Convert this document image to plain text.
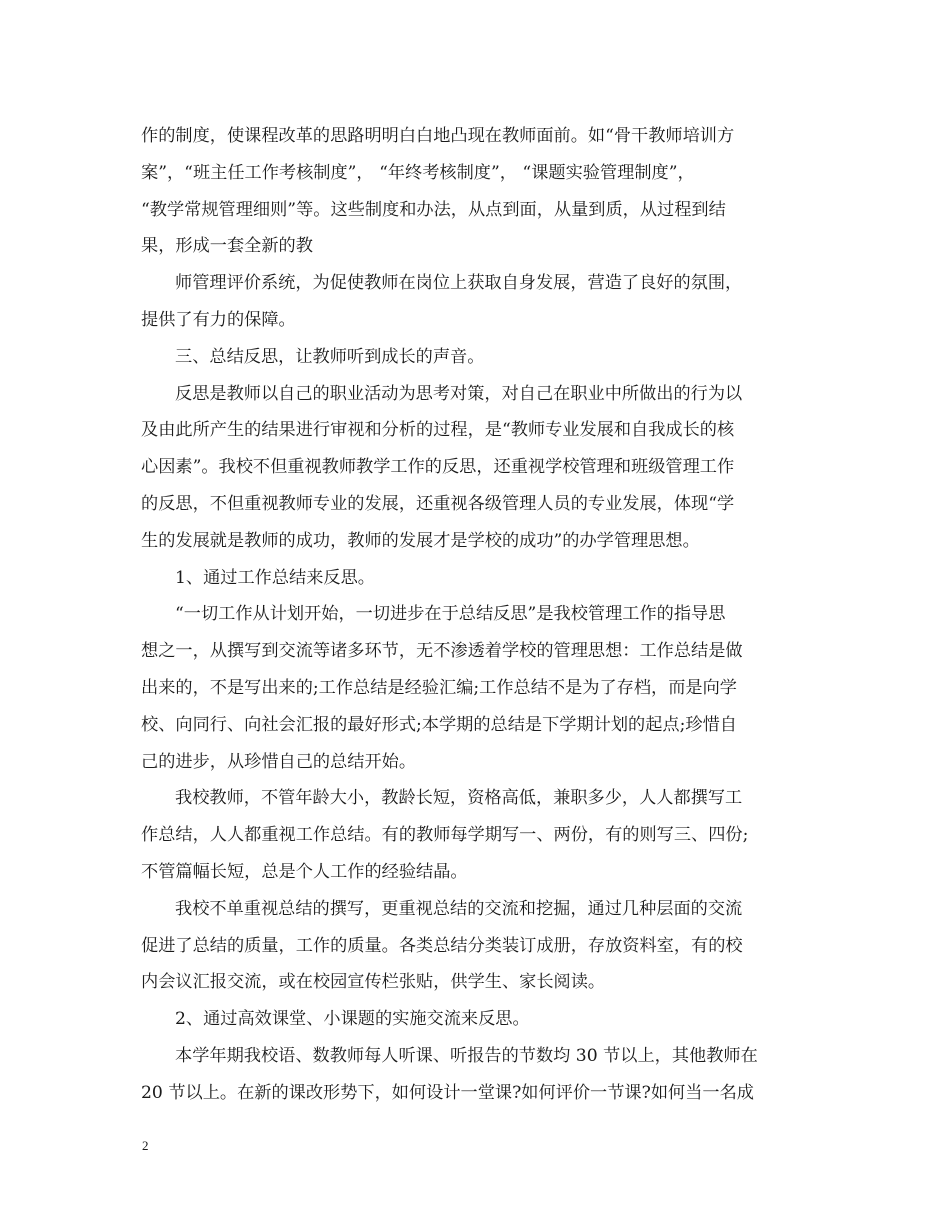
作的制度，使课程改革的思路明明白白地凸现在教师面前。如“骨干教师培训方
案”，“班主任工作考核制度”， “年终考核制度”， “课题实验管理制度”，
“教学常规管理细则”等。这些制度和办法，从点到面，从量到质，从过程到结
果，形成一套全新的教
师管理评价系统，为促使教师在岗位上获取自身发展，营造了良好的氛围，
提供了有力的保障。
三、总结反思，让教师听到成长的声音。
反思是教师以自己的职业活动为思考对策，对自己在职业中所做出的行为以
及由此所产生的结果进行审视和分析的过程，是“教师专业发展和自我成长的核
心因素”。我校不但重视教师教学工作的反思，还重视学校管理和班级管理工作
的反思，不但重视教师专业的发展，还重视各级管理人员的专业发展，体现“学
生的发展就是教师的成功，教师的发展才是学校的成功”的办学管理思想。
1、通过工作总结来反思。
“一切工作从计划开始，一切进步在于总结反思”是我校管理工作的指导思
想之一，从撰写到交流等诸多环节，无不渗透着学校的管理思想：工作总结是做
出来的，不是写出来的;工作总结是经验汇编;工作总结不是为了存档，而是向学
校、向同行、向社会汇报的最好形式;本学期的总结是下学期计划的起点;珍惜自
己的进步，从珍惜自己的总结开始。
我校教师，不管年龄大小，教龄长短，资格高低，兼职多少，人人都撰写工
作总结，人人都重视工作总结。有的教师每学期写一、两份，有的则写三、四份;
不管篇幅长短，总是个人工作的经验结晶。
我校不单重视总结的撰写，更重视总结的交流和挖掘，通过几种层面的交流
促进了总结的质量，工作的质量。各类总结分类装订成册，存放资料室，有的校
内会议汇报交流，或在校园宣传栏张贴，供学生、家长阅读。
2、通过高效课堂、小课题的实施交流来反思。
本学年期我校语、数教师每人听课、听报告的节数均 30 节以上，其他教师在
20 节以上。在新的课改形势下，如何设计一堂课?如何评价一节课?如何当一名成
2
